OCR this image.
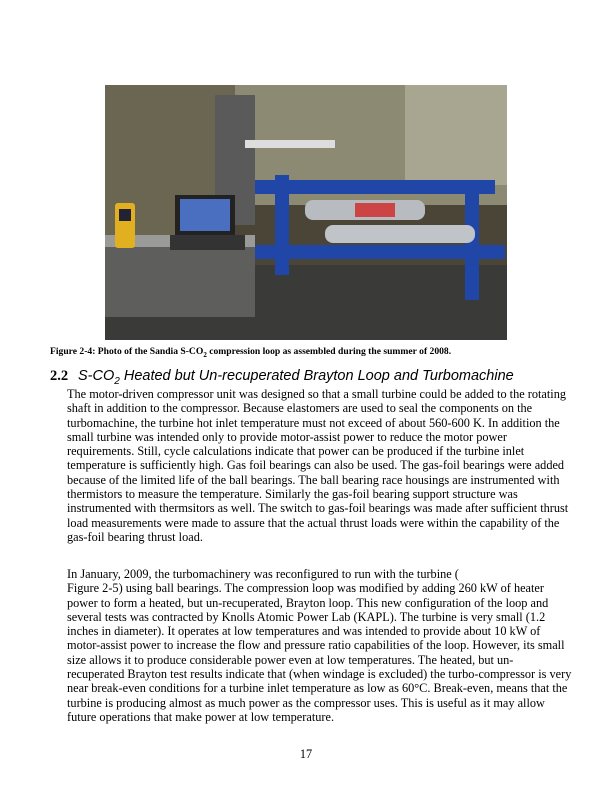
Figure 2-4: Photo of the Sandia $S-CO_2$ compression loop as assembled during the summer of 2008.
2.2 $S-CO_2$ Heated but Un-recuperated Brayton Loop and Turbomachine
The motor-driven compressor unit was designed so that a small turbine could be added to the rotating
shaft in addition to the compressor. Because elastomers are used to seal the components on the
turbomachine, the turbine hot inlet temperature must not exceed of about 560-600 K. In addition the
small turbine was intended only to provide motor-assist power to reduce the motor power
requirements. Still, cycle calculations indicate that power can be produced if the turbine inlet
temperature is sufficiently high. Gas foil bearings can also be used. The gas-foil bearings were added
because of the limited life of the ball bearings. The ball bearing race housings are instrumented with
thermistors to measure the temperature. Similarly the gas-foil bearing support structure was
instrumented with thermsitors as well. The switch to gas-foil bearings was made after sufficient thrust
load measurements were made to assure that the actual thrust loads were within the capability of the
gas-foil bearing thrust load.
In January, 2009, the turbomachinery was reconfigured to run with the turbine (
Figure 2-5) using ball bearings. The compression loop was modified by adding 260 kW of heater
power to form a heated, but un-recuperated, Brayton loop. This new configuration of the loop and
several tests was contracted by Knolls Atomic Power Lab (KAPL). The turbine is very small (1.2
inches in diameter). It operates at low temperatures and was intended to provide about 10 kW of
motor-assist power to increase the flow and pressure ratio capabilities of the loop. However, its small
size allows it to produce considerable power even at low temperatures. The heated, but un-
recuperated Brayton test results indicate that (when windage is excluded) the turbo-compressor is very
near break-even conditions for a turbine inlet temperature as low as 60°C. Break-even, means that the
turbine is producing almost as much power as the compressor uses. This is useful as it may allow
future operations that make power at low temperature.
17
